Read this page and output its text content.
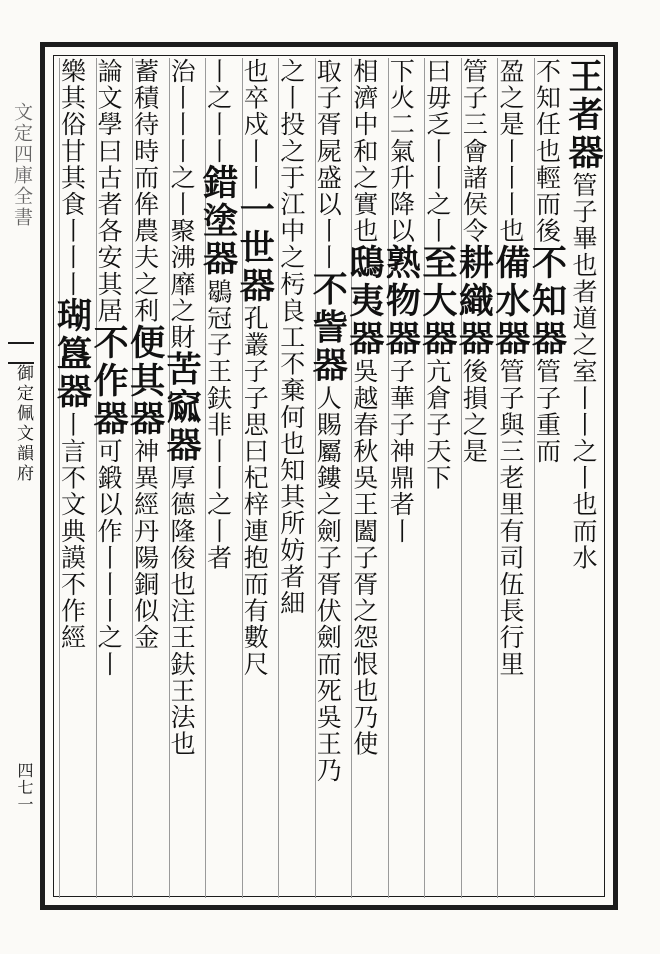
文定四庫全書
御定佩文韻府
四七一
王者器管子畢也者道之室丨丨之丨也而水
不知任也輕而後不知器管子重而
盈之是丨丨丨也備水器管子與三老里有司伍長行里
管子三會諸侯令耕織器後損之是
曰毋乏丨丨之丨至大器亢倉子天下
下火二氣升降以熟物器子華子神鼎者丨
相濟中和之實也鴟夷器吳越春秋吳王闔子胥之怨恨也乃使
取子胥屍盛以丨丨不訾器人賜屬鏤之劍子胥伏劍而死吳王乃
之丨投之于江中之杇良工不棄何也知其所妨者細
也卒戍丨丨一世器孔叢子子思曰杞梓連抱而有數尺
丨之丨丨錯塗器鶡冠子王鈇非丨丨之丨者
治丨丨丨之丨聚沸靡之財苦窳器厚德隆俊也注王鈇王法也
蓄積待時而侔農夫之利便其器神異經丹陽銅似金
論文學曰古者各安其居不作器可鍛以作丨丨丨之丨
樂其俗甘其食丨丨丨瑚簋器丨言不文典謨不作經
